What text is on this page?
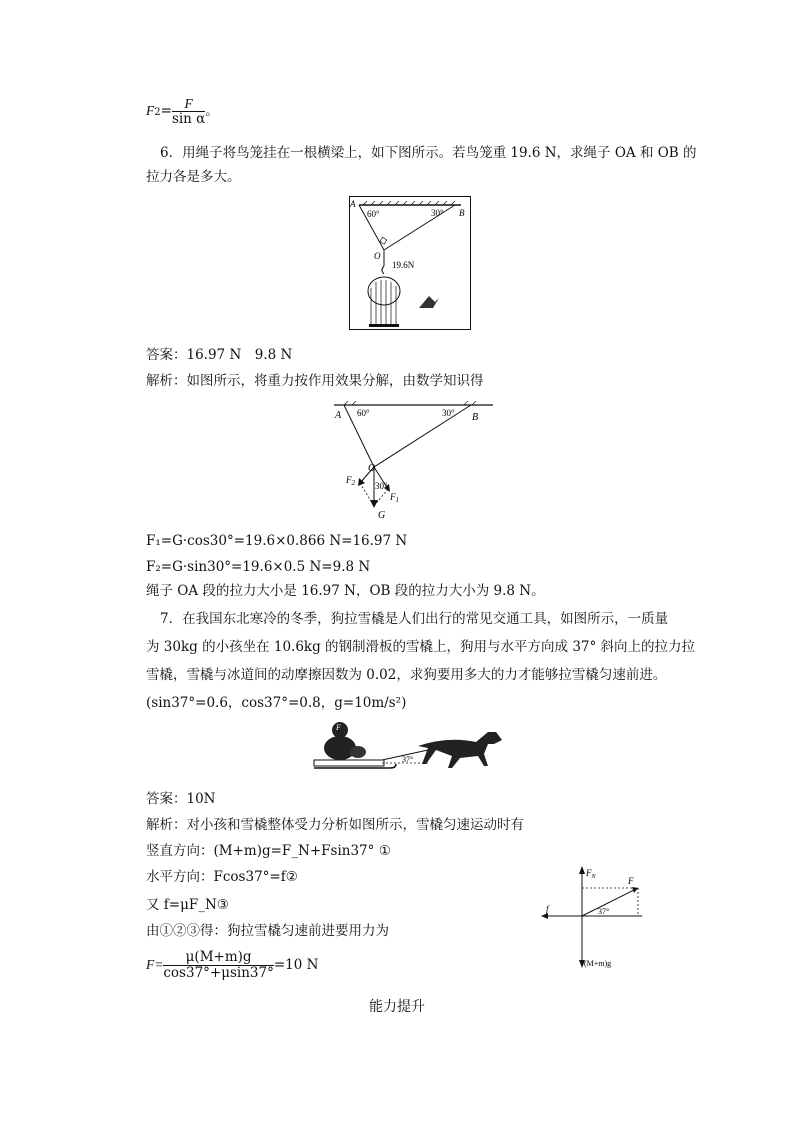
$F2= \frac{F}{\text{sin α}}$ 。
6．用绳子将鸟笼挂在一根横梁上，如下图所示。若鸟笼重 19.6 N，求绳子 OA 和 OB 的
拉力各是多大。
A
B
O
60°	30°
19.6N
答案：16.97 N　9.8 N
解析：如图所示，将重力按作用效果分解，由数学知识得
A	B
O
G
60°	30°
30°
$F_1$
$F_2$
F₁=G·cos30°=19.6×0.866 N=16.97 N
F₂=G·sin30°=19.6×0.5 N=9.8 N
绳子 OA 段的拉力大小是 16.97 N，OB 段的拉力大小为 9.8 N。
7．在我国东北寒冷的冬季，狗拉雪橇是人们出行的常见交通工具，如图所示，一质量
为 30kg 的小孩坐在 10.6kg 的钢制滑板的雪橇上，狗用与水平方向成 37° 斜向上的拉力拉
雪橇，雪橇与冰道间的动摩擦因数为 0.02，求狗要用多大的力才能够拉雪橇匀速前进。
(sin37°=0.6，cos37°=0.8，g=10m/s²)
37°
F
答案：10N
解析：对小孩和雪橇整体受力分析如图所示，雪橇匀速运动时有
竖直方向：(M+m)g=F_N+Fsin37° ①
水平方向：Fcos37°=f②
又 f=μF_N③
由①②③得：狗拉雪橇匀速前进要用力为
$F= \frac{\mu(M+m)g}{\cos 37^\circ+\mu\sin 37^\circ} =10$ N
$F_N$	F
f	37°
(M+m)g
能力提升
